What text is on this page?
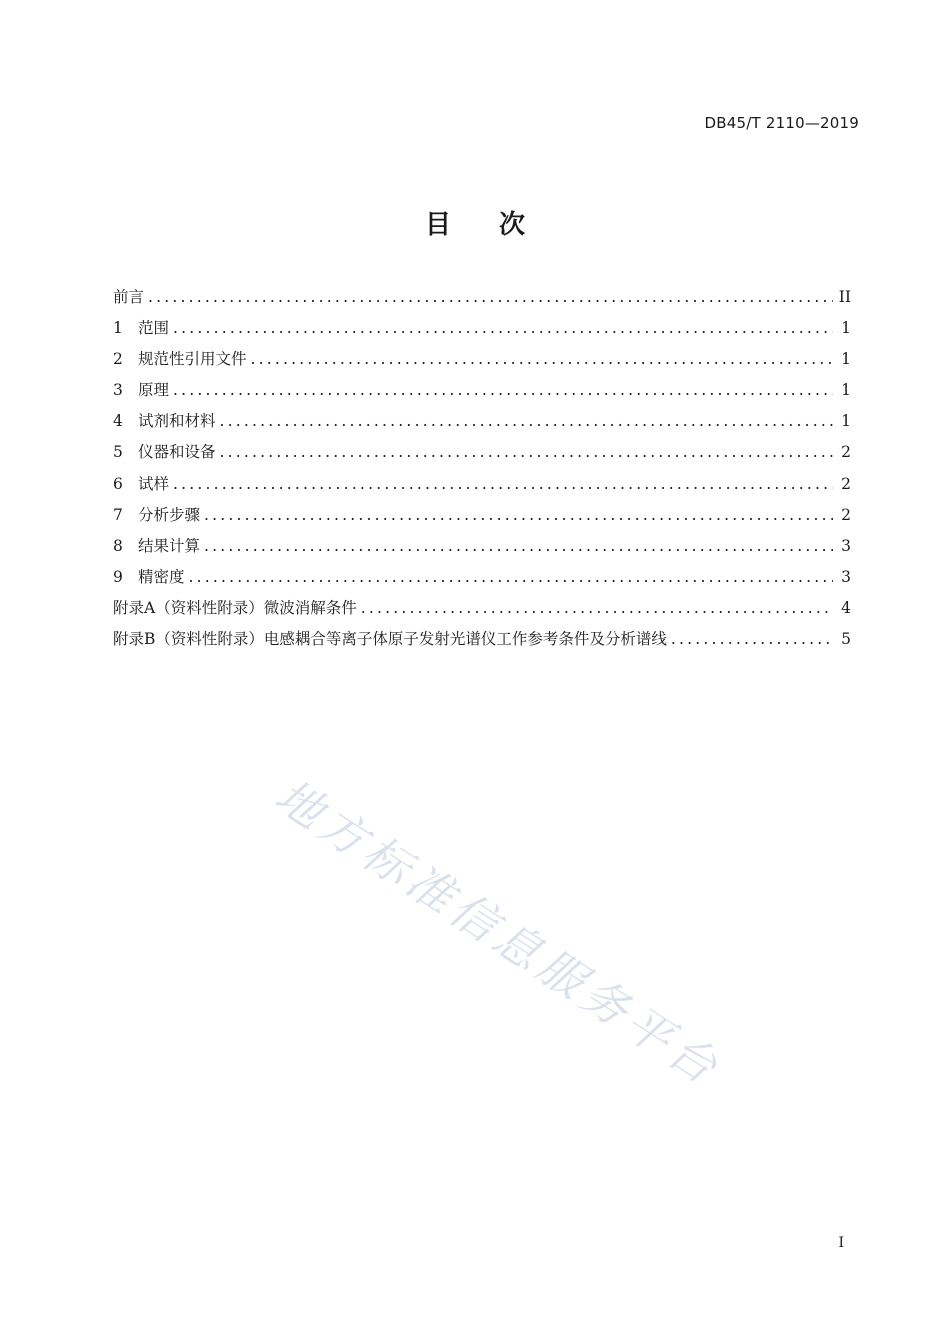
DB45/T 2110—2019
目次
前言 .....	II
1 范围 .....	1
2 规范性引用文件 .....	1
3 原理 .....	1
4 试剂和材料 .....	1
5 仪器和设备 .....	2
6 试样 .....	2
7 分析步骤 .....	2
8 结果计算 .....	3
9 精密度 .....	3
附录A（资料性附录）微波消解条件 .....	4
附录B（资料性附录）电感耦合等离子体原子发射光谱仪工作参考条件及分析谱线 .....	5
地方标准信息服务平台
I
